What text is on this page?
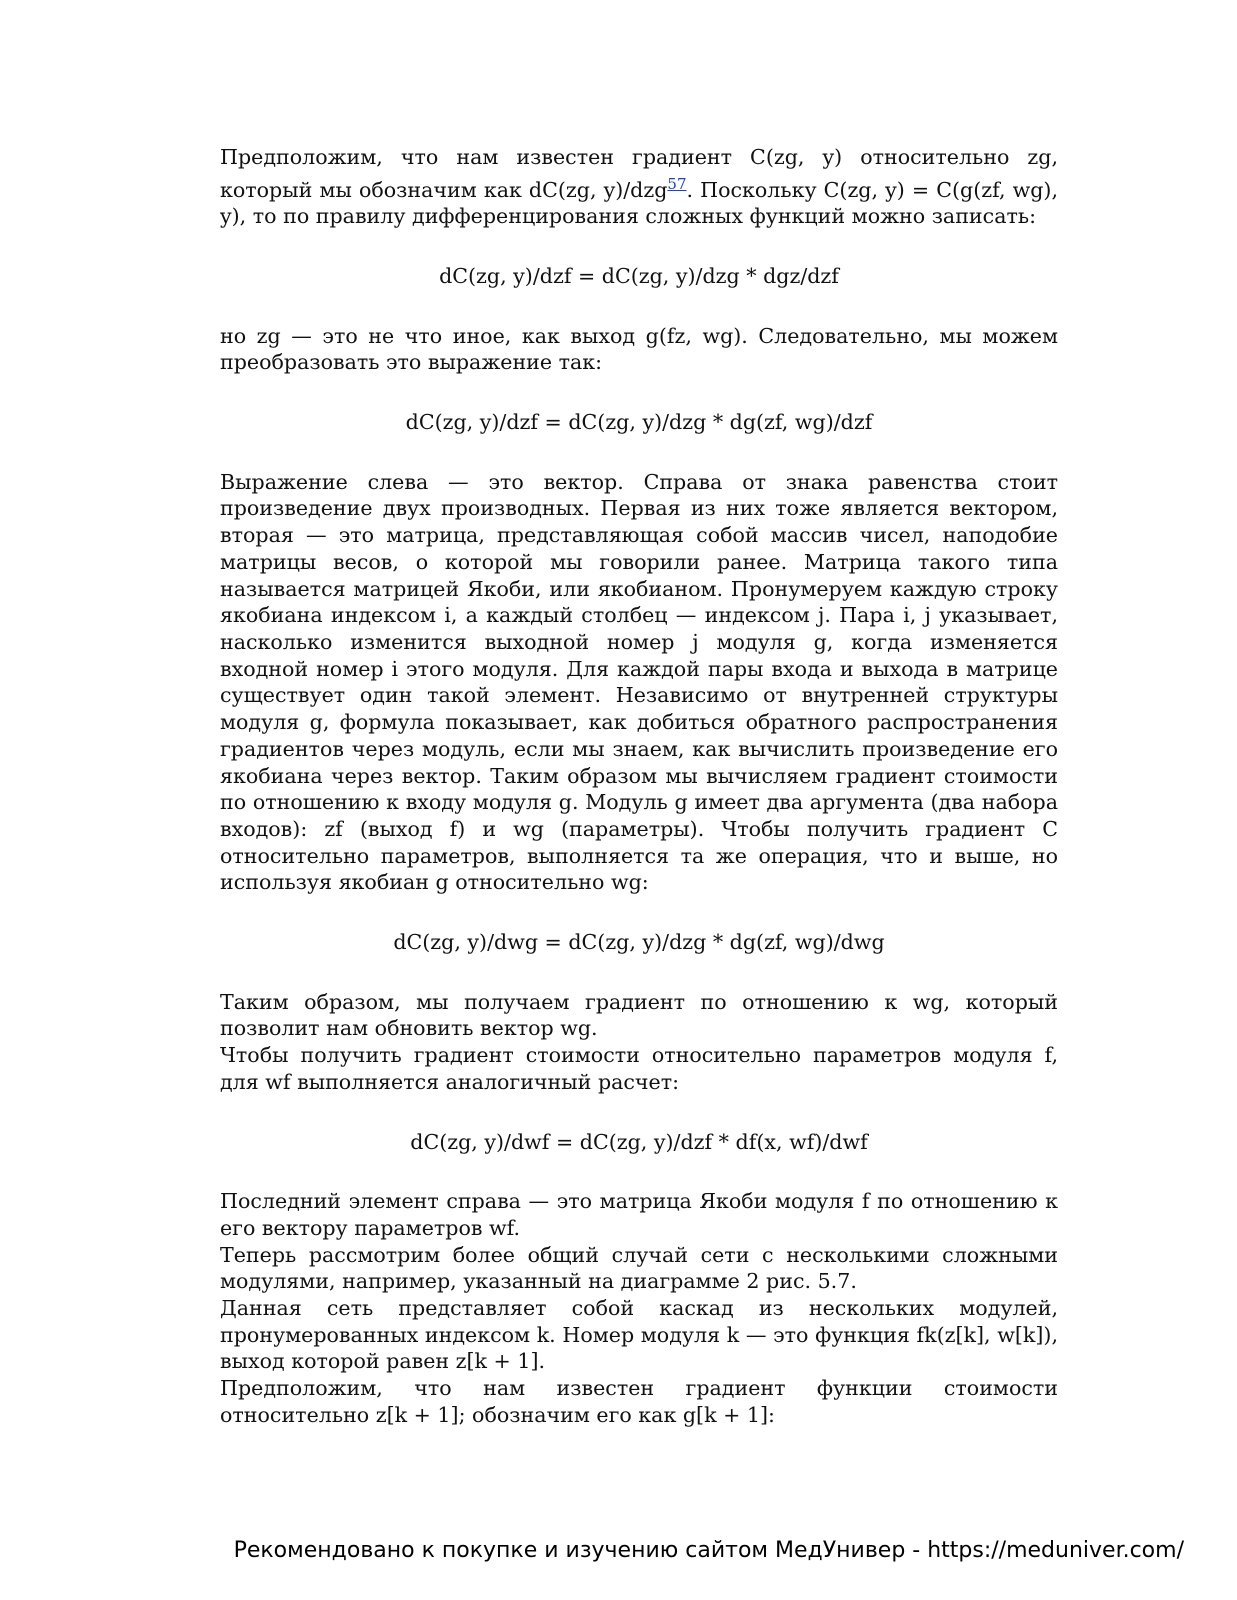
Предположим, что нам известен градиент C(zg, y) относительно zg, который мы обозначим как dC(zg, y)/dzg$^{57}$. Поскольку C(zg, y) = C(g(zf, wg), y), то по правилу дифференцирования сложных функций можно записать:

dC(zg, y)/dzf = dC(zg, y)/dzg * dgz/dzf

но zg — это не что иное, как выход g(fz, wg). Следовательно, мы можем преобразовать это выражение так:

dC(zg, y)/dzf = dC(zg, y)/dzg * dg(zf, wg)/dzf

Выражение слева — это вектор. Справа от знака равенства стоит произведение двух производных. Первая из них тоже является вектором, вторая — это матрица, представляющая собой массив чисел, наподобие матрицы весов, о которой мы говорили ранее. Матрица такого типа называется матрицей Якоби, или якобианом. Пронумеруем каждую строку якобиана индексом i, а каждый столбец — индексом j. Пара i, j указывает, насколько изменится выходной номер j модуля g, когда изменяется входной номер i этого модуля. Для каждой пары входа и выхода в матрице существует один такой элемент. Независимо от внутренней структуры модуля g, формула показывает, как добиться обратного распространения градиентов через модуль, если мы знаем, как вычислить произведение его якобиана через вектор. Таким образом мы вычисляем градиент стоимости по отношению к входу модуля g. Модуль g имеет два аргумента (два набора входов): zf (выход f) и wg (параметры). Чтобы получить градиент C относительно параметров, выполняется та же операция, что и выше, но используя якобиан g относительно wg:

dC(zg, y)/dwg = dC(zg, y)/dzg * dg(zf, wg)/dwg

Таким образом, мы получаем градиент по отношению к wg, который позволит нам обновить вектор wg.

Чтобы получить градиент стоимости относительно параметров модуля f, для wf выполняется аналогичный расчет:

dC(zg, y)/dwf = dC(zg, y)/dzf * df(x, wf)/dwf

Последний элемент справа — это матрица Якоби модуля f по отношению к его вектору параметров wf.

Теперь рассмотрим более общий случай сети с несколькими сложными модулями, например, указанный на диаграмме 2 рис. 5.7.

Данная сеть представляет собой каскад из нескольких модулей, пронумерованных индексом k. Номер модуля k — это функция fk(z[k], w[k]), выход которой равен z[k + 1].

Предположим, что нам известен градиент функции стоимости относительно z[k + 1]; обозначим его как g[k + 1]:

Рекомендовано к покупке и изучению сайтом МедУнивер - https://meduniver.com/
